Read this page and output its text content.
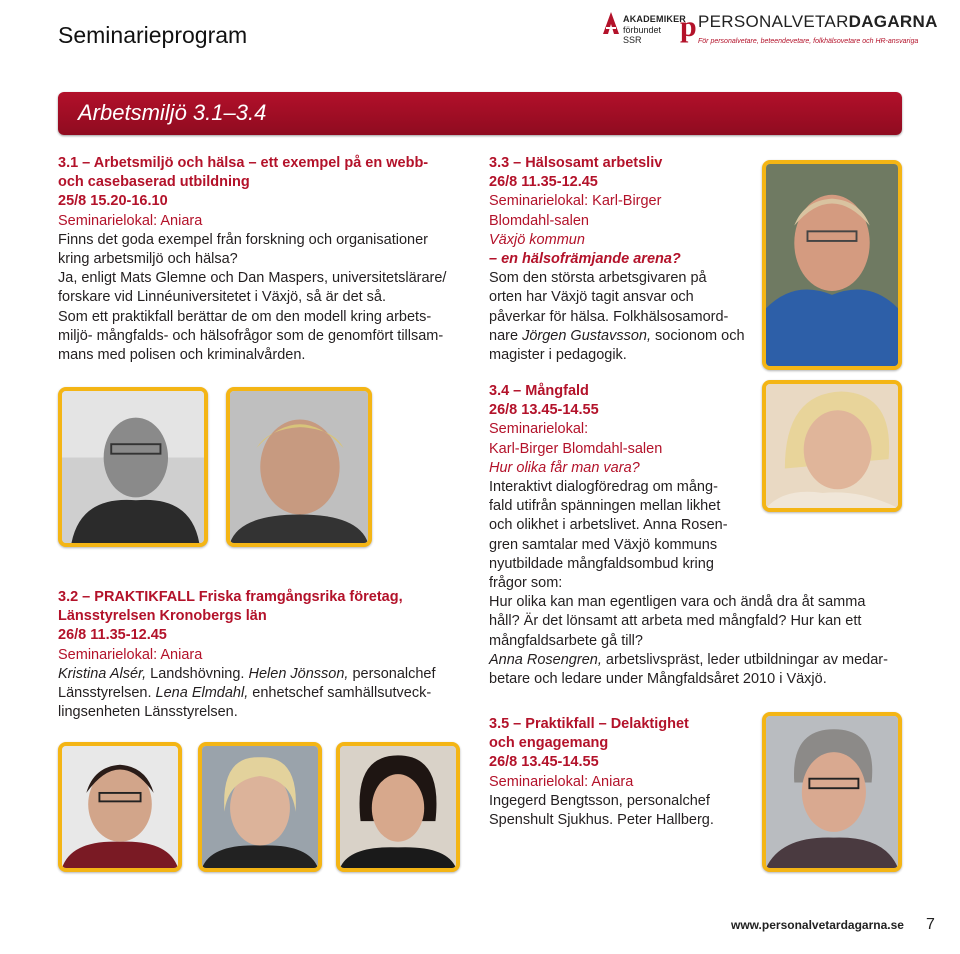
Seminarieprogram
AKADEMIKER
förbundet SSR	p PERSONALVETARDAGARNA
För personalvetare, beteendevetare, folkhälsovetare och HR-ansvariga
Arbetsmiljö 3.1–3.4
3.1 – Arbetsmiljö och hälsa – ett exempel på en webb-
och casebaserad utbildning
25/8 15.20-16.10
Seminarielokal: Aniara
Finns det goda exempel från forskning och organisationer
kring arbetsmiljö och hälsa?
Ja, enligt Mats Glemne och Dan Maspers, universitetslärare/
forskare vid Linnéuniversitetet i Växjö, så är det så.
Som ett praktikfall berättar de om den modell kring arbets-
miljö- mångfalds- och hälsofrågor som de genomfört tillsam-
mans med polisen och kriminalvården.
3.2 – PRAKTIKFALL Friska framgångsrika företag,
Länsstyrelsen Kronobergs län
26/8 11.35-12.45
Seminarielokal: Aniara
Kristina Alsér, Landshövning. Helen Jönsson, personalchef
Länsstyrelsen. Lena Elmdahl, enhetschef samhällsutveck-
lingsenheten Länsstyrelsen.
3.3 – Hälsosamt arbetsliv
26/8 11.35-12.45
Seminarielokal: Karl-Birger
Blomdahl-salen
Växjö kommun
– en hälsofrämjande arena?
Som den största arbetsgivaren på
orten har Växjö tagit ansvar och
påverkar för hälsa. Folkhälsosamord-
nare Jörgen Gustavsson, socionom och
magister i pedagogik.
3.4 – Mångfald
26/8 13.45-14.55
Seminarielokal:
Karl-Birger Blomdahl-salen
Hur olika får man vara?
Interaktivt dialogföredrag om mång-
fald utifrån spänningen mellan likhet
och olikhet i arbetslivet. Anna Rosen-
gren samtalar med Växjö kommuns
nyutbildade mångfaldsombud kring
frågor som:
Hur olika kan man egentligen vara och ändå dra åt samma
håll? Är det lönsamt att arbeta med mångfald? Hur kan ett
mångfaldsarbete gå till?
Anna Rosengren, arbetslivspräst, leder utbildningar av medar-
betare och ledare under Mångfaldsåret 2010 i Växjö.
3.5 – Praktikfall – Delaktighet
och engagemang
26/8 13.45-14.55
Seminarielokal: Aniara
Ingegerd Bengtsson, personalchef
Spenshult Sjukhus. Peter Hallberg.
www.personalvetardagarna.se 7
